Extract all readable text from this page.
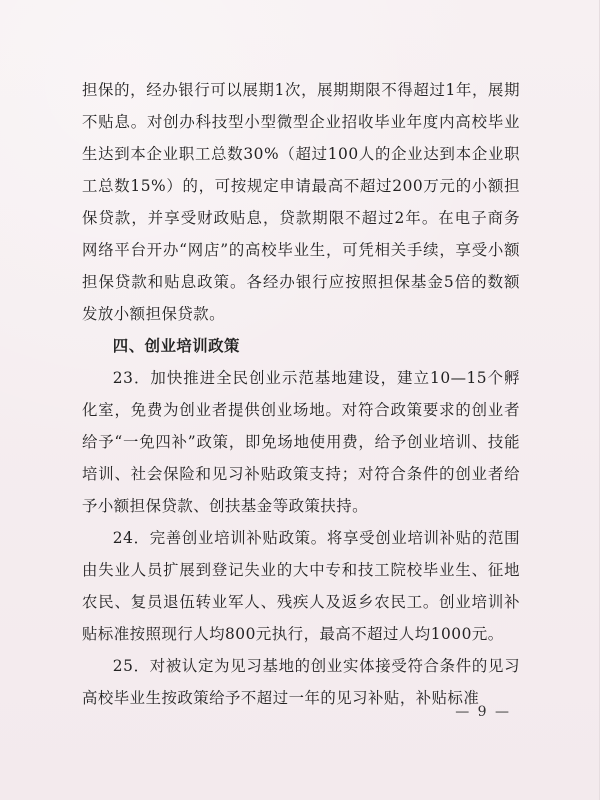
担保的，经办银行可以展期1次，展期期限不得超过1年，展期不贴息。对创办科技型小型微型企业招收毕业年度内高校毕业生达到本企业职工总数30%（超过100人的企业达到本企业职工总数15%）的，可按规定申请最高不超过200万元的小额担保贷款，并享受财政贴息，贷款期限不超过2年。在电子商务网络平台开办“网店”的高校毕业生，可凭相关手续，享受小额担保贷款和贴息政策。各经办银行应按照担保基金5倍的数额发放小额担保贷款。

四、创业培训政策

23．加快推进全民创业示范基地建设，建立10—15个孵化室，免费为创业者提供创业场地。对符合政策要求的创业者给予“一免四补”政策，即免场地使用费，给予创业培训、技能培训、社会保险和见习补贴政策支持；对符合条件的创业者给予小额担保贷款、创扶基金等政策扶持。

24．完善创业培训补贴政策。将享受创业培训补贴的范围由失业人员扩展到登记失业的大中专和技工院校毕业生、征地农民、复员退伍转业军人、残疾人及返乡农民工。创业培训补贴标准按照现行人均800元执行，最高不超过人均1000元。

25．对被认定为见习基地的创业实体接受符合条件的见习高校毕业生按政策给予不超过一年的见习补贴，补贴标准

— 9 —
